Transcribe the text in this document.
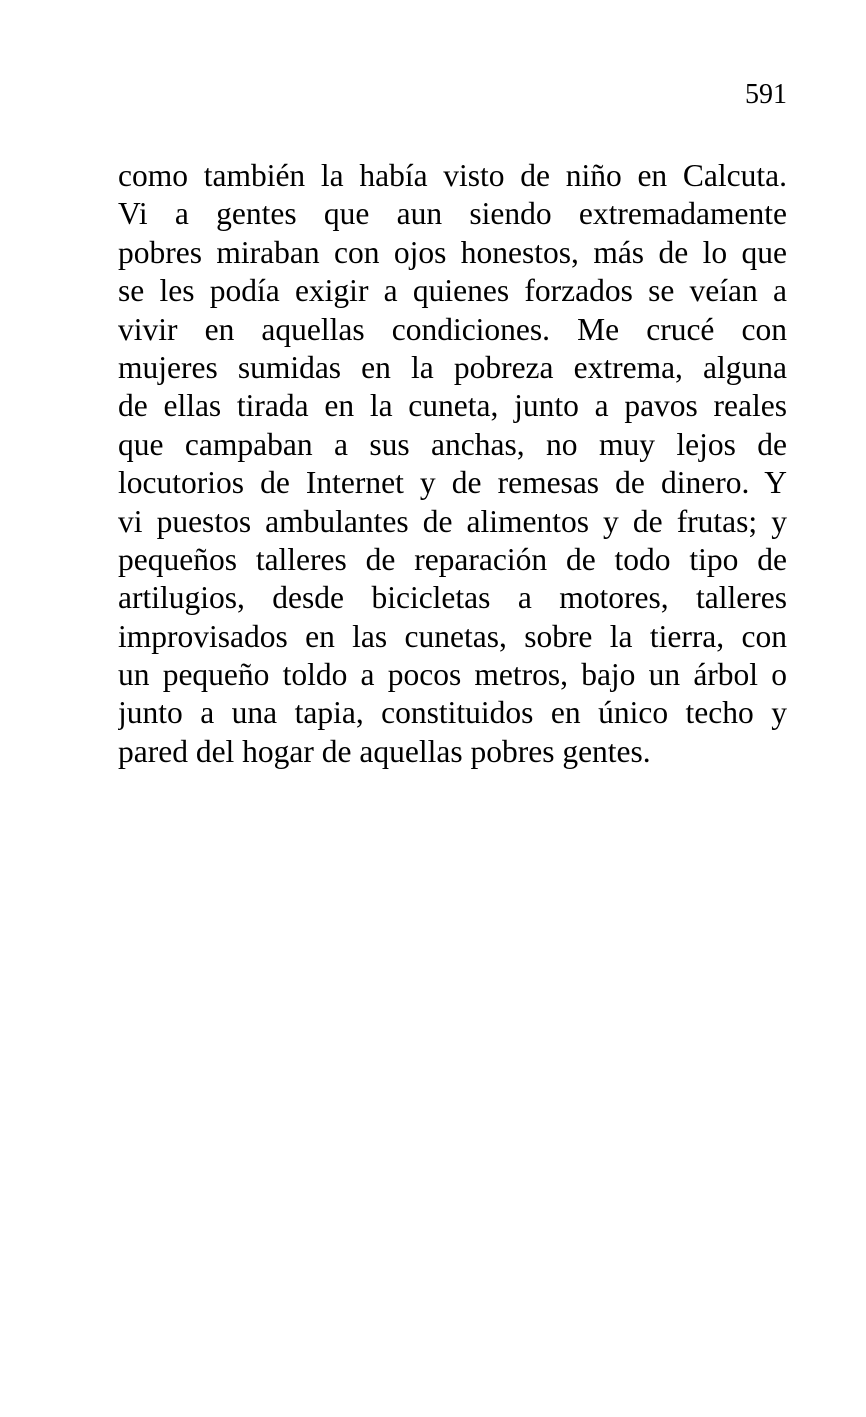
591
como también la había visto de niño en Calcuta.
Vi a gentes que aun siendo extremadamente
pobres miraban con ojos honestos, más de lo que
se les podía exigir a quienes forzados se veían a
vivir en aquellas condiciones. Me crucé con
mujeres sumidas en la pobreza extrema, alguna
de ellas tirada en la cuneta, junto a pavos reales
que campaban a sus anchas, no muy lejos de
locutorios de Internet y de remesas de dinero. Y
vi puestos ambulantes de alimentos y de frutas; y
pequeños talleres de reparación de todo tipo de
artilugios, desde bicicletas a motores, talleres
improvisados en las cunetas, sobre la tierra, con
un pequeño toldo a pocos metros, bajo un árbol o
junto a una tapia, constituidos en único techo y
pared del hogar de aquellas pobres gentes.
